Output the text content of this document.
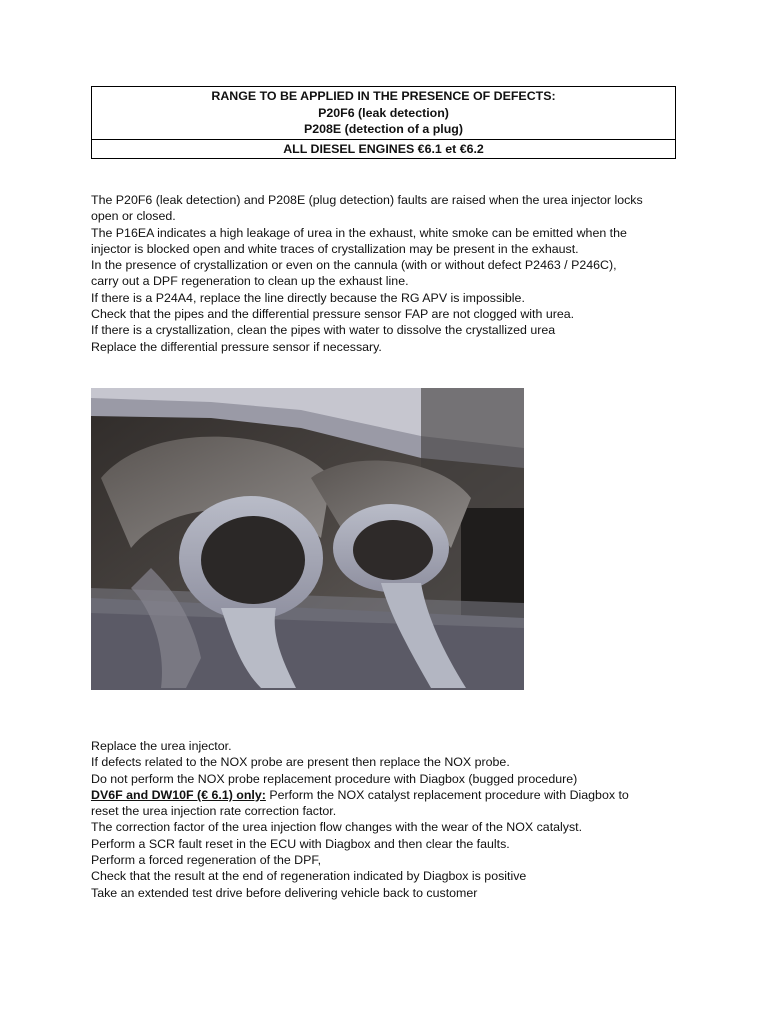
RANGE TO BE APPLIED IN THE PRESENCE OF DEFECTS:
P20F6 (leak detection)
P208E (detection of a plug)

ALL DIESEL ENGINES €6.1 et €6.2

The P20F6 (leak detection) and P208E (plug detection) faults are raised when the urea injector locks

open or closed.

The P16EA indicates a high leakage of urea in the exhaust, white smoke can be emitted when the

injector is blocked open and white traces of crystallization may be present in the exhaust.

In the presence of crystallization or even on the cannula (with or without defect P2463 / P246C),

carry out a DPF regeneration to clean up the exhaust line.

If there is a P24A4, replace the line directly because the RG APV is impossible.

Check that the pipes and the differential pressure sensor FAP are not clogged with urea.

If there is a crystallization, clean the pipes with water to dissolve the crystallized urea

Replace the differential pressure sensor if necessary.

Replace the urea injector.

If defects related to the NOX probe are present then replace the NOX probe.

Do not perform the NOX probe replacement procedure with Diagbox (bugged procedure)

DV6F and DW10F (€ 6.1) only: Perform the NOX catalyst replacement procedure with Diagbox to

reset the urea injection rate correction factor.

The correction factor of the urea injection flow changes with the wear of the NOX catalyst.

Perform a SCR fault reset in the ECU with Diagbox and then clear the faults.

Perform a forced regeneration of the DPF,

Check that the result at the end of regeneration indicated by Diagbox is positive

Take an extended test drive before delivering vehicle back to customer
